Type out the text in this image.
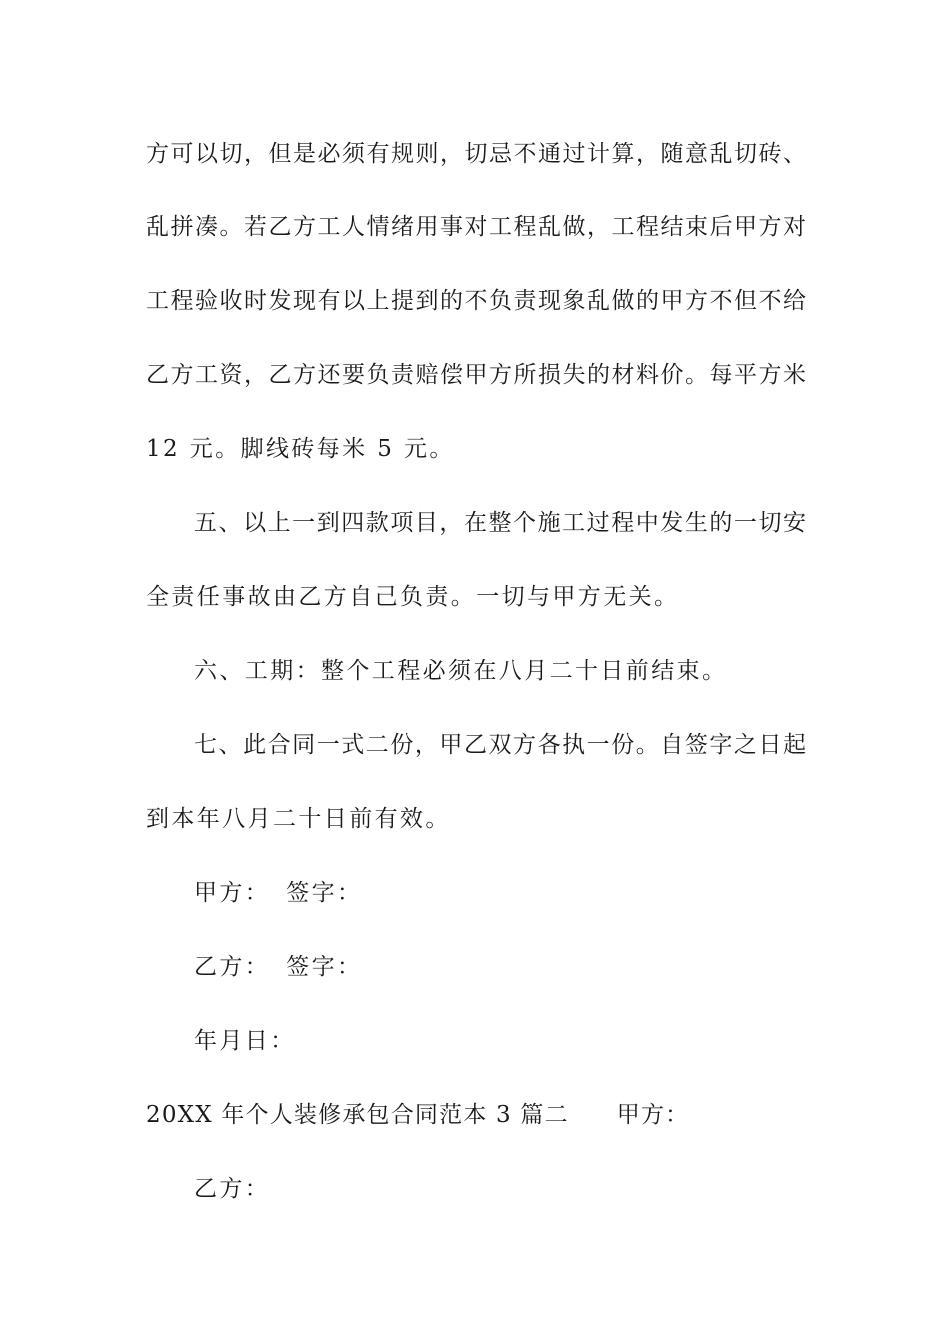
方可以切，但是必须有规则，切忌不通过计算，随意乱切砖、
乱拼凑。若乙方工人情绪用事对工程乱做，工程结束后甲方对
工程验收时发现有以上提到的不负责现象乱做的甲方不但不给
乙方工资，乙方还要负责赔偿甲方所损失的材料价。每平方米
12 元。脚线砖每米 5 元。
五、以上一到四款项目，在整个施工过程中发生的一切安
全责任事故由乙方自己负责。一切与甲方无关。
六、工期：整个工程必须在八月二十日前结束。
七、此合同一式二份，甲乙双方各执一份。自签字之日起
到本年八月二十日前有效。
甲方： 签字：
乙方： 签字：
年月日：
20XX 年个人装修承包合同范本 3 篇二 甲方：
乙方：
